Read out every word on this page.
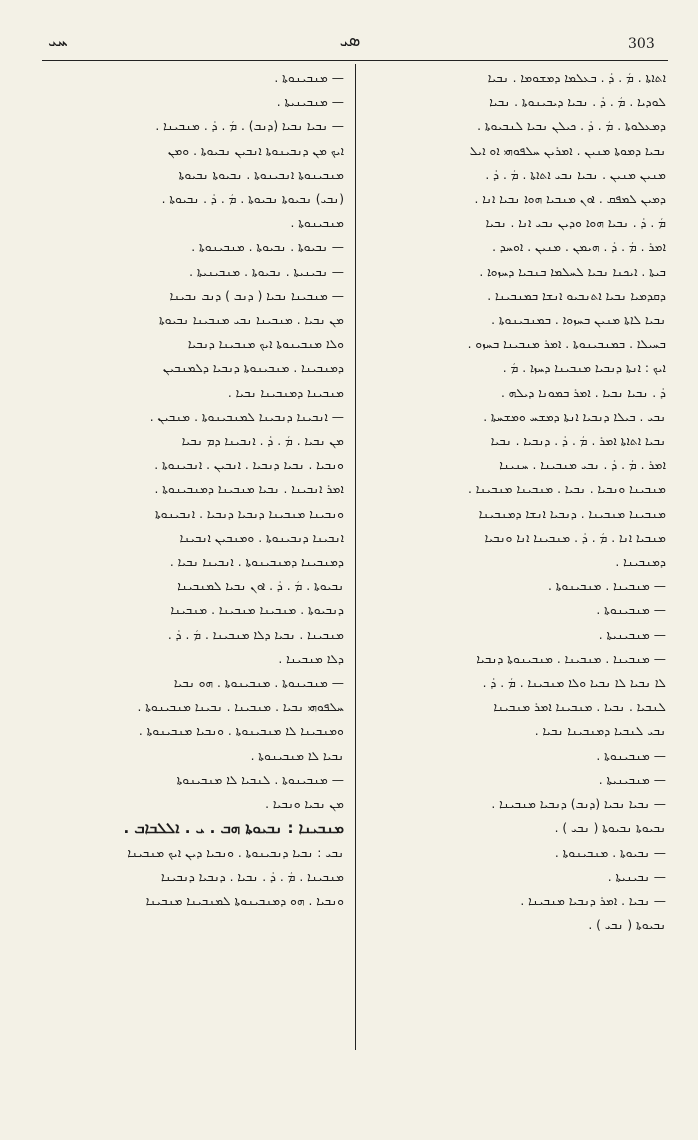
ܚܝ	ܣܝ	303
ܐܬܐܬܐ . ܡܿ . ܕ̇ . ܒܥܠܡܐ ܕܡܫܘܡܐ . ܢܒܝܐ
ܠܘܕܝܐ . ܡܿ . ܕ̇ . ܢܒܝܐ ܕܝܒܝܢܘܬܐ . ܢܒܝܐ
ܕܡܥܠܘܬܐ . ܡܿ . ܕ̇ . ܟܝܠܢ ܢܒܝܐ ܠܢܒܝܘܬܐ .
ܢܒܝܐ ܕܡܘܬܐ ܡܢܝܢ . ܐܡܪܝܢ ܚܠܦܘܗܝ ܐܘ ܐܝܠ
ܡܢܝܢ ܡܢܝܢ . ܢܒܝܐ ܢܒܝ ܐܬܐܬܐ . ܡܿ . ܕ̇ .
ܕܡܝܢ ܠܡܦܩ . ܐܘܢ ܡܢܒܝܐ ܗܘܐ ܢܒܝܐ ܐܢܐ .
ܡܿ . ܕ̇ . ܢܒܝܐ ܗܘܐ ܘܕܝܢ ܢܒܝ ܐܢܐ . ܢܒܝܐ
ܐܡܪ . ܡܿ . ܕ̇ . ܗܝܡܢ . ܡܢܝܢ . ܐܘܚܕ .
ܒܝܬܐ . ܐܝܟܢܐ ܢܒܝܐ ܠܚܠܡܐ ܒܢܒܝܐ ܕܚܙܘܐ .
ܕܩܕܡܝܐ ܢܒܝܐ ܐܬܢܒܝܘ ܐܢܫܐ ܒܡܢܒܝܢܐ .
ܢܒܝܐ ܠܐܬܐ ܡܢܝܢ ܒܚܙܘܐ . ܒܡܢܒܝܢܘܬܐ .
ܒܚܝܠܐ . ܒܡܢܒܝܢܘܬܐ . ܐܡܪ ܡܢܒܝܢܐ ܒܚܙܘ .
ܐܝܟ : ܐܢܬܐ ܕܢܒܝܐ ܡܢܒܝܢܐ ܕܚܙܐ . ܡܿ .
ܕ̇ . ܢܒܝܐ ܢܒܝܐ . ܐܡܪ ܒܡܘܢܐ ܕܝܠܗ .
ܢܒܝ . ܒܝܠܐ ܕܢܒܝܐ ܐܢܬܐ ܕܡܫܚ ܘܡܫܚܬܐ .
ܢܒܝܐ ܐܬܐܬܐ ܐܡܪ . ܡܿ . ܕ̇ . ܕܢܒܝܐ . ܢܒܝܐ
ܐܡܪ . ܡܿ . ܕ̇ . ܢܒܝ ܡܢܒܝܢܐ . ܚܢܝܢܐ
ܡܢܒܝܢܐ ܘܢܒܝܐ . ܢܒܝܐ . ܡܢܒܝܢܐ ܡܢܒܝܢܐ .
ܡܢܒܝܢܐ ܡܢܒܝܢܐ . ܕܢܒܝܐ ܐܢܫܐ ܕܡܢܒܝܢܐ
ܡܢܒܝܐ ܐܢܐ . ܡܿ . ܕ̇ . ܡܢܒܝܢܐ ܐܢܐ ܘܢܒܝܐ
ܕܡܢܒܝܢܐ .
— ܡܢܒܝܢܐ . ܡܢܒܝܢܘܬܐ .
— ܡܢܒܝܢܘܬܐ .
— ܡܢܒܝܢܝܬܐ .
— ܡܢܒܝܢܐ . ܡܢܒܝܢܐ . ܡܢܒܝܢܘܬܐ ܕܢܒܝܐ
ܠܐ ܢܒܝܐ ܠܐ ܢܒܝܐ ܘܠܐ ܡܢܒܝܢܐ . ܡܿ . ܕ̇ .
ܠܢܒܝܐ . ܢܒܝܐ . ܡܢܒܝܢܐ ܐܡܪ ܡܢܒܝܢܐ
ܢܒܝ ܠܢܒܝܐ ܕܡܢܒܝܢܐ ܢܒܝܐ .
— ܡܢܒܝܢܘܬܐ .
— ܡܢܒܝܢܝܬܐ .
— ܢܒܝܐ ܢܒܝܐ (ܕܢܒ) ܕܢܒܝܐ ܡܢܒܝܢܐ .
ܢܒܝܘܬܐ ܢܒܝܘܬܐ ( ܢܒܝ ) .
— ܢܒܝܘܬܐ . ܡܢܒܝܢܘܬܐ .
— ܢܒܝܢܝܬܐ .
— ܢܒܝܐ . ܐܡܪ ܕܢܒܝܐ ܡܢܒܝܢܐ .
ܢܒܝܘܬܐ ( ܢܒܝ ) .
— ܡܢܒܝܢܘܬܐ .
— ܡܢܒܝܢܝܬܐ .
— ܢܒܝܐ ܢܒܝܐ (ܕܢܒ) . ܡܿ . ܕ̇ . ܡܢܒܝܢܐ .
ܐܝܟ ܡܢ ܕܢܒܝܢܘܬܐ ܐܢܒܝܢ ܢܒܝܘܬܐ . ܘܡܢ
ܡܢܒܝܢܘܬܐ ܐܢܒܝܢܘܬܐ . ܢܒܝܘܬܐ ܢܒܝܘܬܐ
(ܢܒܝ) ܢܒܝܘܬܐ ܢܒܝܘܬܐ . ܡܿ . ܕ̇ . ܢܒܝܘܬܐ .
ܡܢܒܝܢܘܬܐ .
— ܢܒܝܘܬܐ . ܢܒܝܘܬܐ . ܡܢܒܝܢܘܬܐ .
— ܢܒܝܢܝܬܐ . ܢܒܝܘܬܐ . ܡܢܒܝܢܝܬܐ .
— ܡܢܒܝܢܐ ܢܒܝܐ ( ܕܢܒ ) ܕܢܒ ܢܒܝܢܐ
ܡܢ ܢܒܝܐ . ܡܢܒܝܢܐ ܢܒܝ ܡܢܒܝܢܐ ܢܒܝܘܬܐ
ܘܠܐ ܡܢܒܝܢܘܬܐ ܐܝܟ ܡܢܒܝܢܐ ܕܢܒܝܐ
ܕܡܢܒܝܢܐ . ܡܢܒܝܢܘܬܐ ܕܢܒܝܐ ܕܠܡܢܒܝܢ
ܡܢܒܝܢܐ ܕܡܢܒܝܢܐ ܢܒܝܐ .
— ܐܢܒܝܢܐ ܕܢܒܝܢܐ ܠܡܢܒܝܢܘܬܐ . ܡܢܒܝܢ .
ܡܢ ܢܒܝܐ . ܡܿ . ܕ̇ . ܐܢܒܝܢܐ ܕܡ ܢܒܝܐ
ܘܢܒܝܐ . ܢܒܝܐ ܕܢܒܝܐ . ܐܢܒܝܢ . ܐܢܒܝܢܘܬܐ .
ܐܡܪ ܐܢܒܝܢܐ . ܢܒܝܐ ܡܢܒܝܢܐ ܕܡܢܒܝܢܘܬܐ .
ܘܢܒܝܢܐ ܡܢܒܝܢܐ ܕܢܒܝܐ ܕܢܒܝܐ . ܐܢܒܝܢܘܬܐ
ܐܢܒܝܢܐ ܕܢܒܝܢܘܬܐ . ܘܡܢܒܝܢ ܐܢܒܝܢܐ
ܕܡܢܒܝܢܐ ܕܡܢܒܝܢܘܬܐ . ܐܢܒܝܢܐ ܢܒܝܐ .
ܢܒܝܘܬܐ . ܡܿ . ܕ̇ . ܐܘܢ ܢܒܝܐ ܠܡܢܒܝܢܐ
ܕܢܒܝܘܬܐ . ܡܢܒܝܢܐ ܡܢܒܝܢܐ . ܡܢܒܝܢܐ
ܡܢܒܝܢܐ . ܢܒܝܐ ܕܠܐ ܡܢܒܝܢܐ . ܡܿ . ܕ̇ .
ܕܠܐ ܡܢܒܝܢܐ .
— ܡܢܒܝܢܘܬܐ . ܡܢܒܝܢܘܬܐ . ܗܘ ܢܒܝܐ
ܚܠܦܘܗܝ ܢܒܝܐ . ܡܢܒܝܢܐ . ܢܒܝܢܐ ܡܢܒܝܢܘܬܐ .
ܘܡܢܒܝܢܐ ܠܐ ܡܢܒܝܢܘܬܐ . ܘܢܒܝܐ ܡܢܒܝܢܘܬܐ .
ܢܒܝܐ ܠܐ ܡܢܒܝܢܘܬܐ .
— ܡܢܒܝܢܘܬܐ . ܠܢܒܝܐ ܠܐ ܡܢܒܝܢܘܬܐ
ܡܢ ܢܒܝܐ ܘܢܒܝܐ .
ܡܢܒܝܢܐ : ܢܒܝܘܬܐ ܗܒ . ܝ . ܐܠܠܒܐܒ .
ܢܒܝ : ܢܒܝܐ ܕܢܒܝܢܘܬܐ . ܘܢܒܝܐ ܕܝܢ ܐܝܟ ܡܢܒܝܢܐ
ܡܢܒܝܢܐ . ܡܿ . ܕ̇ . ܢܒܝܐ . ܕܢܒܝܐ ܕܢܒܝܢܐ
ܘܢܒܝܐ . ܗܘ ܕܡܢܒܝܢܘܬܐ ܠܡܢܒܝܢܐ ܡܢܒܝܢܐ
